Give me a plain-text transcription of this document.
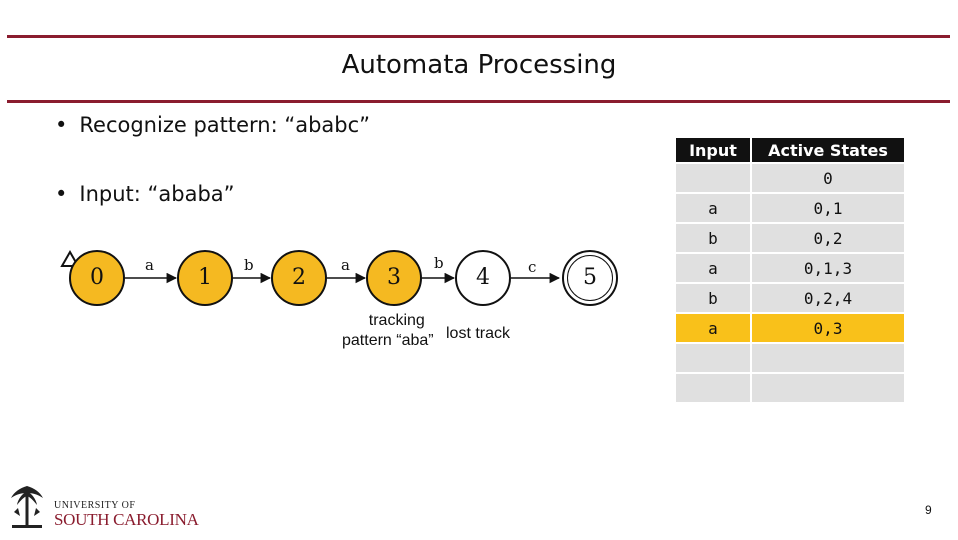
Automata Processing
• Recognize pattern: “ababc”
• Input: “ababa”
0	1	2	3	4	5
a	b	a	b	c
tracking
pattern “aba” lost track
Input	Active States
	0
a	0,1
b	0,2
a	0,1,3
b	0,2,4
a	0,3

UNIVERSITY OF
SOUTH CAROLINA	9
